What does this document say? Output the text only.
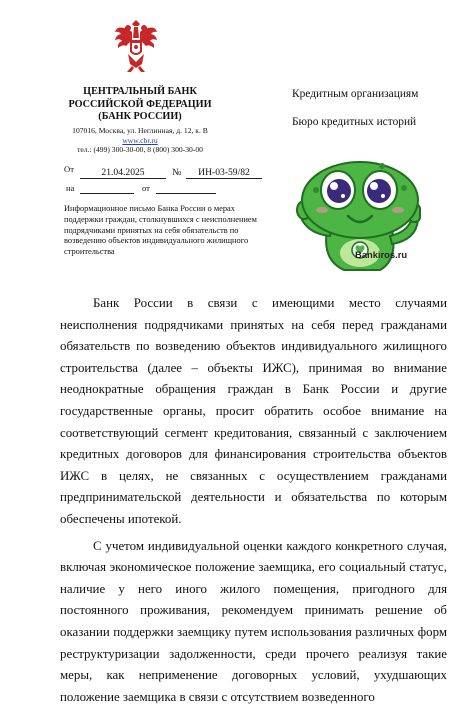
ЦЕНТРАЛЬНЫЙ БАНК
РОССИЙСКОЙ ФЕДЕРАЦИИ
(БАНК РОССИИ)
107016, Москва, ул. Неглинная, д. 12, к. В
www.cbr.ru
тел.: (499) 300-30-00, 8 (800) 300-30-00
Кредитным организациям
Бюро кредитных историй
От	21.04.2025	№	ИН-03-59/82
на	от
Информационное письмо Банка России о мерах поддержки граждан, столкнувшихся с неисполнением подрядчиками принятых на себя обязательств по возведению объектов индивидуального жилищного строительства	Bankiros.ru

Банк России в связи с имеющими место случаями неисполнения подрядчиками принятых на себя перед гражданами обязательств по возведению объектов индивидуального жилищного строительства (далее – объекты ИЖС), принимая во внимание неоднократные обращения граждан в Банк России и другие государственные органы, просит обратить особое внимание на соответствующий сегмент кредитования, связанный с заключением кредитных договоров для финансирования строительства объектов ИЖС в целях, не связанных с осуществлением гражданами предпринимательской деятельности и обязательства по которым обеспечены ипотекой.

С учетом индивидуальной оценки каждого конкретного случая, включая экономическое положение заемщика, его социальный статус, наличие у него иного жилого помещения, пригодного для постоянного проживания, рекомендуем принимать решение об оказании поддержки заемщику путем использования различных форм реструктуризации задолженности, среди прочего реализуя такие меры, как неприменение договорных условий, ухудшающих положение заемщика в связи с отсутствием возведенного
